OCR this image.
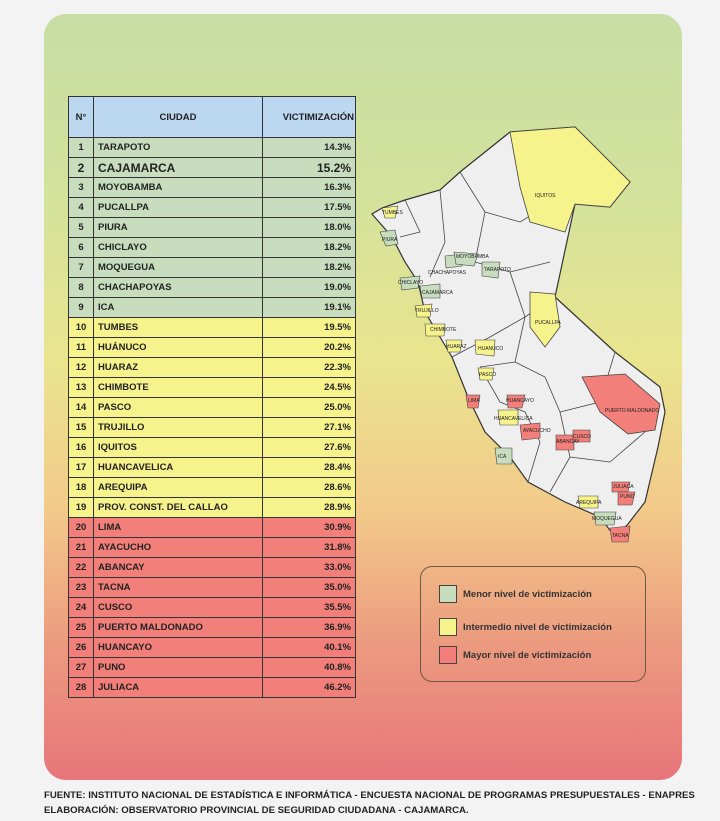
N°	CIUDAD	VICTIMIZACIÓN
1	TARAPOTO	14.3%
2	CAJAMARCA	15.2%
3	MOYOBAMBA	16.3%
4	PUCALLPA	17.5%
5	PIURA	18.0%
6	CHICLAYO	18.2%
7	MOQUEGUA	18.2%
8	CHACHAPOYAS	19.0%
9	ICA	19.1%
10	TUMBES	19.5%
11	HUÁNUCO	20.2%
12	HUARAZ	22.3%
13	CHIMBOTE	24.5%
14	PASCO	25.0%
15	TRUJILLO	27.1%
16	IQUITOS	27.6%
17	HUANCAVELICA	28.4%
18	AREQUIPA	28.6%
19	PROV. CONST. DEL CALLAO	28.9%
20	LIMA	30.9%
21	AYACUCHO	31.8%
22	ABANCAY	33.0%
23	TACNA	35.0%
24	CUSCO	35.5%
25	PUERTO MALDONADO	36.9%
26	HUANCAYO	40.1%
27	PUNO	40.8%
28	JULIACA	46.2%
IQUITOS
TUMBES
PIURA
CHICLAYO
CHACHAPOYAS
MOYOBAMBA
TARAPOTO
CAJAMARCA
TRUJILLO
CHIMBOTE
PUCALLPA
HUARAZ HUANUCO
PASCO
LIMA	HUANCAYO
HUANCAVELICA
AYACUCHO
CUSCO
ABANCAY
PUERTO MALDONADO
ICA
AREQUIPA
JULIACA
PUNO
MOQUEGUA
TACNA
Menor nivel de victimización
Intermedio nivel de victimización
Mayor nivel de victimización
FUENTE: INSTITUTO NACIONAL DE ESTADÍSTICA E INFORMÁTICA - ENCUESTA NACIONAL DE PROGRAMAS PRESUPUESTALES - ENAPRES
ELABORACIÓN: OBSERVATORIO PROVINCIAL DE SEGURIDAD CIUDADANA - CAJAMARCA.
